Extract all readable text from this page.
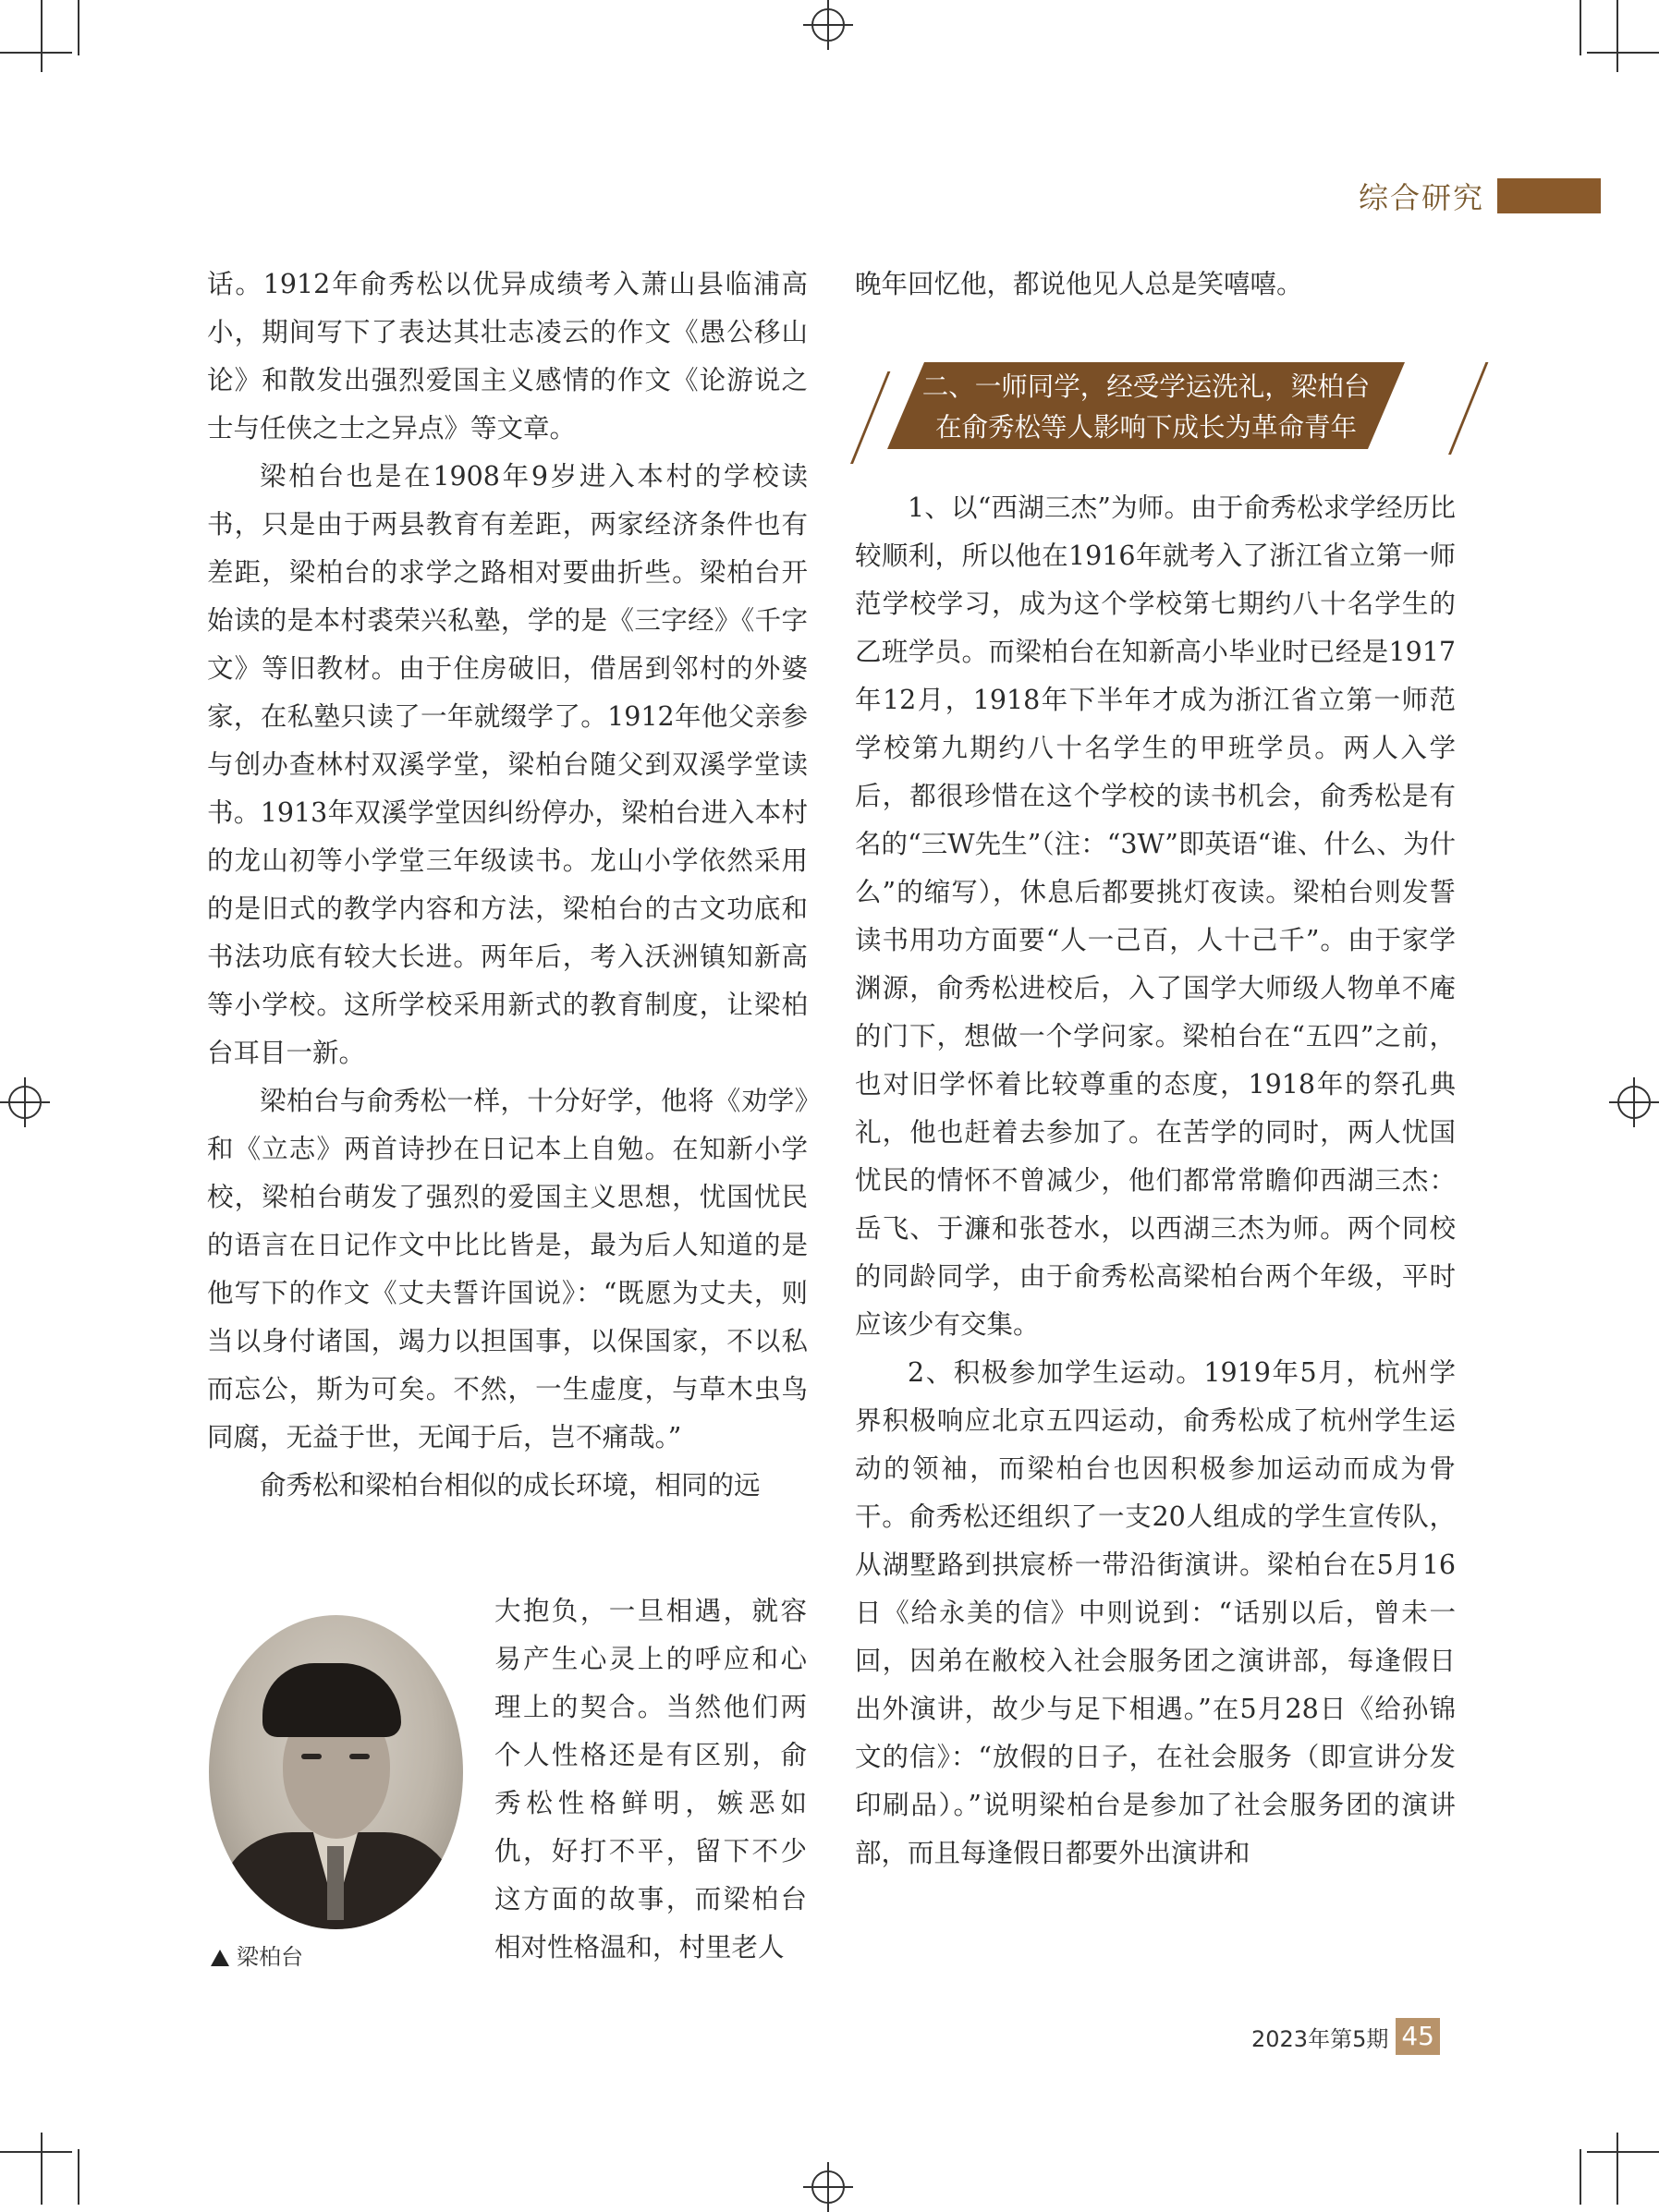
综合研究

话。1912年俞秀松以优异成绩考入萧山县临浦高小，期间写下了表达其壮志凌云的作文《愚公移山论》和散发出强烈爱国主义感情的作文《论游说之士与任侠之士之异点》等文章。

梁柏台也是在1908年9岁进入本村的学校读书，只是由于两县教育有差距，两家经济条件也有差距，梁柏台的求学之路相对要曲折些。梁柏台开始读的是本村裘荣兴私塾，学的是《三字经》《千字文》等旧教材。由于住房破旧，借居到邻村的外婆家，在私塾只读了一年就缀学了。1912年他父亲参与创办查林村双溪学堂，梁柏台随父到双溪学堂读书。1913年双溪学堂因纠纷停办，梁柏台进入本村的龙山初等小学堂三年级读书。龙山小学依然采用的是旧式的教学内容和方法，梁柏台的古文功底和书法功底有较大长进。两年后，考入沃洲镇知新高等小学校。这所学校采用新式的教育制度，让梁柏台耳目一新。

梁柏台与俞秀松一样，十分好学，他将《劝学》和《立志》两首诗抄在日记本上自勉。在知新小学校，梁柏台萌发了强烈的爱国主义思想，忧国忧民的语言在日记作文中比比皆是，最为后人知道的是他写下的作文《丈夫誓许国说》：“既愿为丈夫，则当以身付诸国，竭力以担国事，以保国家，不以私而忘公，斯为可矣。不然，一生虚度，与草木虫鸟同腐，无益于世，无闻于后，岂不痛哉。”

俞秀松和梁柏台相似的成长环境，相同的远

梁柏台

大抱负，一旦相遇，就容易产生心灵上的呼应和心理上的契合。当然他们两个人性格还是有区别，俞秀松性格鲜明，嫉恶如仇，好打不平，留下不少这方面的故事，而梁柏台相对性格温和，村里老人

晚年回忆他，都说他见人总是笑嘻嘻。

二、一师同学，经受学运洗礼，梁柏台
在俞秀松等人影响下成长为革命青年

1、以“西湖三杰”为师。由于俞秀松求学经历比较顺利，所以他在1916年就考入了浙江省立第一师范学校学习，成为这个学校第七期约八十名学生的乙班学员。而梁柏台在知新高小毕业时已经是1917年12月，1918年下半年才成为浙江省立第一师范学校第九期约八十名学生的甲班学员。两人入学后，都很珍惜在这个学校的读书机会，俞秀松是有名的“三W先生”（注：“3W”即英语“谁、什么、为什么”的缩写），休息后都要挑灯夜读。梁柏台则发誓读书用功方面要“人一己百，人十己千”。由于家学渊源，俞秀松进校后，入了国学大师级人物单不庵的门下，想做一个学问家。梁柏台在“五四”之前，也对旧学怀着比较尊重的态度，1918年的祭孔典礼，他也赶着去参加了。在苦学的同时，两人忧国忧民的情怀不曾减少，他们都常常瞻仰西湖三杰：岳飞、于濂和张苍水，以西湖三杰为师。两个同校的同龄同学，由于俞秀松高梁柏台两个年级，平时应该少有交集。

2、积极参加学生运动。1919年5月，杭州学界积极响应北京五四运动，俞秀松成了杭州学生运动的领袖，而梁柏台也因积极参加运动而成为骨干。俞秀松还组织了一支20人组成的学生宣传队，从湖墅路到拱宸桥一带沿街演讲。梁柏台在5月16日《给永美的信》中则说到：“话别以后，曾未一回，因弟在敝校入社会服务团之演讲部，每逢假日出外演讲，故少与足下相遇。”在5月28日《给孙锦文的信》：“放假的日子，在社会服务（即宣讲分发印刷品）。”说明梁柏台是参加了社会服务团的演讲部，而且每逢假日都要外出演讲和

2023年第5期 45
